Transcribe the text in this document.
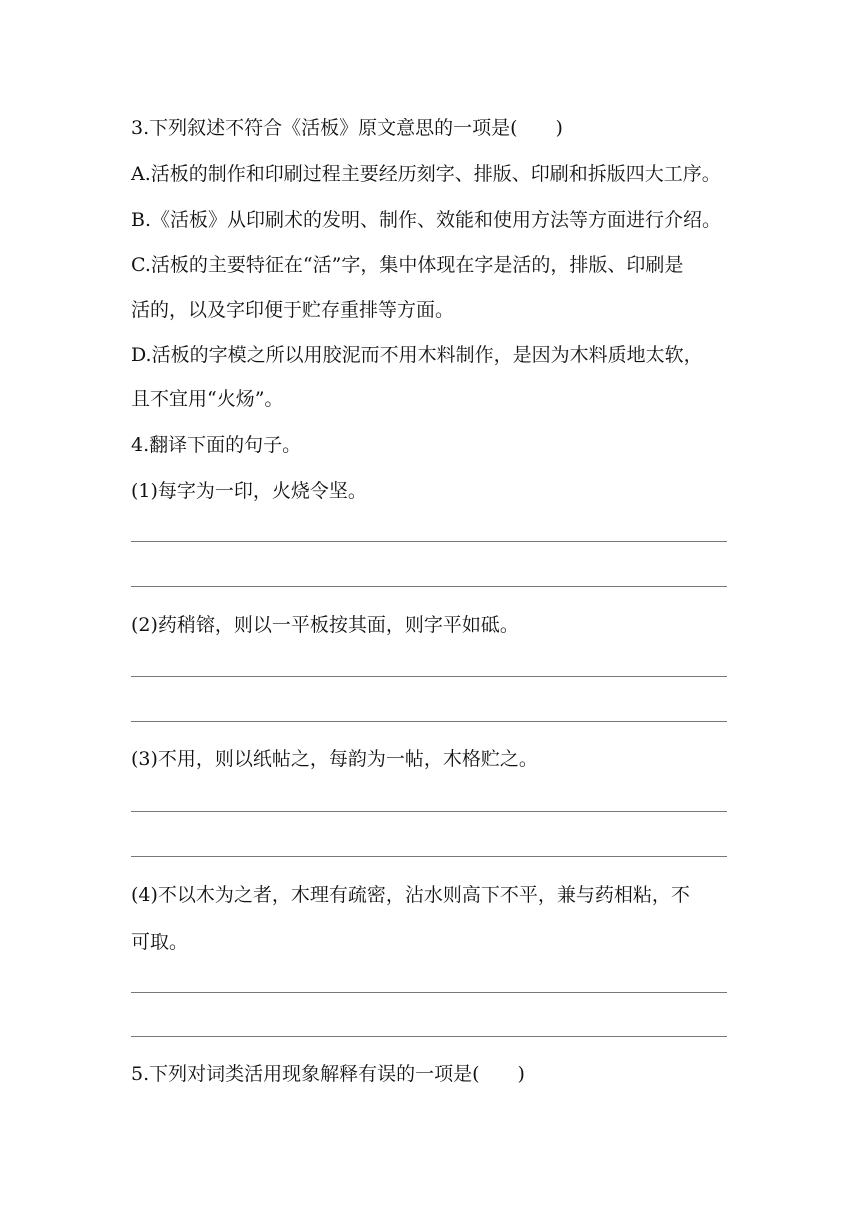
3.下列叙述不符合《活板》原文意思的一项是(　　)
A.活板的制作和印刷过程主要经历刻字、排版、印刷和拆版四大工序。
B.《活板》从印刷术的发明、制作、效能和使用方法等方面进行介绍。
C.活板的主要特征在“活”字，集中体现在字是活的，排版、印刷是
活的，以及字印便于贮存重排等方面。
D.活板的字模之所以用胶泥而不用木料制作，是因为木料质地太软，
且不宜用“火炀”。
4.翻译下面的句子。
(1)每字为一印，火烧令坚。
(2)药稍镕，则以一平板按其面，则字平如砥。
(3)不用，则以纸帖之，每韵为一帖，木格贮之。
(4)不以木为之者，木理有疏密，沾水则高下不平，兼与药相粘，不
可取。
5.下列对词类活用现象解释有误的一项是(　　)
